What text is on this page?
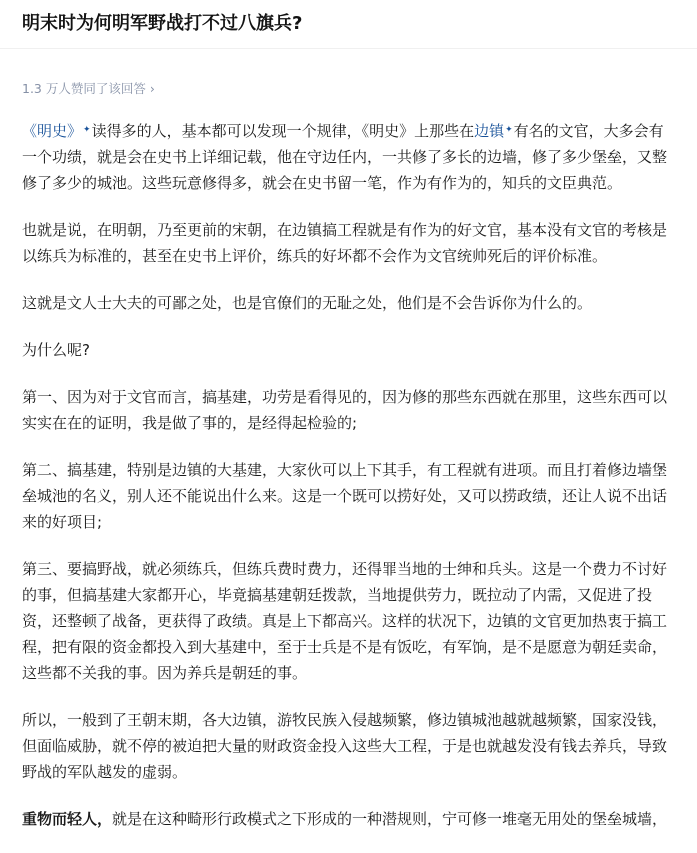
明末时为何明军野战打不过八旗兵?
1.3 万人赞同了该回答 ›

《明史》✦读得多的人，基本都可以发现一个规律，《明史》上那些在边镇✦有名的文官，大多会有一个功绩，就是会在史书上详细记载，他在守边任内，一共修了多长的边墙，修了多少堡垒，又整修了多少的城池。这些玩意修得多，就会在史书留一笔，作为有作为的，知兵的文臣典范。

也就是说，在明朝，乃至更前的宋朝，在边镇搞工程就是有作为的好文官，基本没有文官的考核是以练兵为标准的，甚至在史书上评价，练兵的好坏都不会作为文官统帅死后的评价标准。

这就是文人士大夫的可鄙之处，也是官僚们的无耻之处，他们是不会告诉你为什么的。

为什么呢?

第一、因为对于文官而言，搞基建，功劳是看得见的，因为修的那些东西就在那里，这些东西可以实实在在的证明，我是做了事的，是经得起检验的;

第二、搞基建，特别是边镇的大基建，大家伙可以上下其手，有工程就有进项。而且打着修边墙堡垒城池的名义，别人还不能说出什么来。这是一个既可以捞好处，又可以捞政绩，还让人说不出话来的好项目;

第三、要搞野战，就必须练兵，但练兵费时费力，还得罪当地的士绅和兵头。这是一个费力不讨好的事，但搞基建大家都开心，毕竟搞基建朝廷拨款，当地提供劳力，既拉动了内需，又促进了投资，还整顿了战备，更获得了政绩。真是上下都高兴。这样的状况下，边镇的文官更加热衷于搞工程，把有限的资金都投入到大基建中，至于士兵是不是有饭吃，有军饷，是不是愿意为朝廷卖命，这些都不关我的事。因为养兵是朝廷的事。

所以，一般到了王朝末期，各大边镇，游牧民族入侵越频繁，修边镇城池越就越频繁，国家没钱，但面临威胁，就不停的被迫把大量的财政资金投入这些大工程，于是也就越发没有钱去养兵，导致野战的军队越发的虚弱。

重物而轻人，就是在这种畸形行政模式之下形成的一种潜规则，宁可修一堆毫无用处的堡垒城墙，
